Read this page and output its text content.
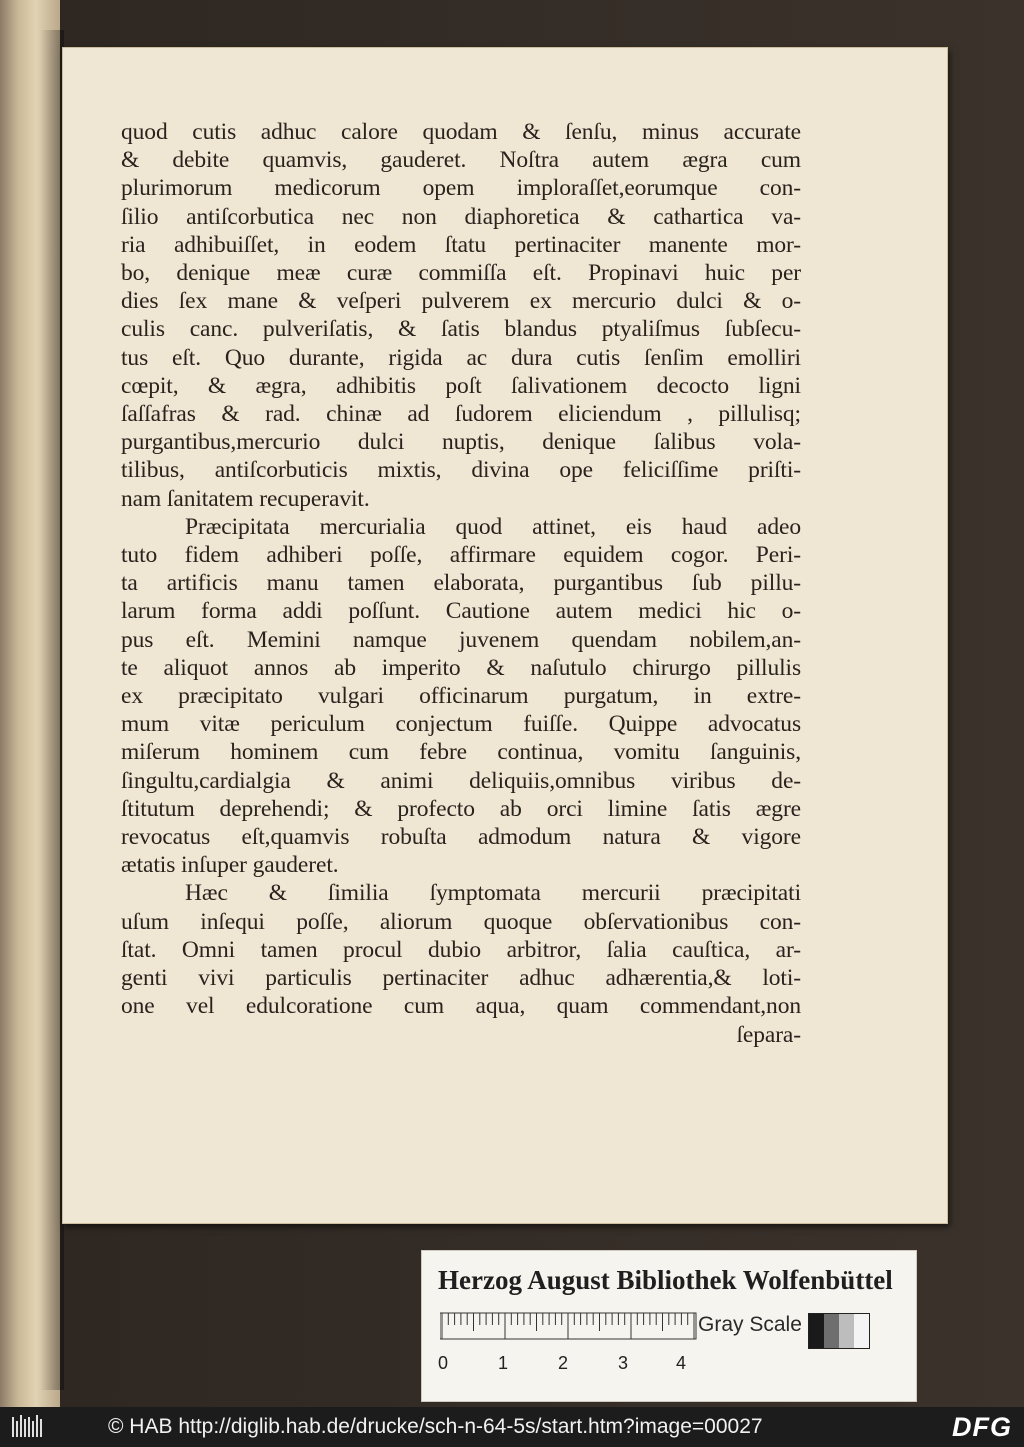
quod cutis adhuc calore quodam & ſenſu, minus accurate
& debite quamvis, gauderet. Noſtra autem ægra cum
plurimorum medicorum opem imploraſſet,eorumque con-
ſilio antiſcorbutica nec non diaphoretica & cathartica va-
ria adhibuiſſet, in eodem ſtatu pertinaciter manente mor-
bo, denique meæ curæ commiſſa eſt. Propinavi huic per
dies ſex mane & veſperi pulverem ex mercurio dulci & o-
culis canc. pulveriſatis, & ſatis blandus ptyaliſmus ſubſecu-
tus eſt. Quo durante, rigida ac dura cutis ſenſim emolliri
cœpit, & ægra, adhibitis poſt ſalivationem decocto ligni
ſaſſafras & rad. chinæ ad ſudorem eliciendum , pillulisq;
purgantibus,mercurio dulci nuptis, denique ſalibus vola-
tilibus, antiſcorbuticis mixtis, divina ope feliciſſime priſti-
nam ſanitatem recuperavit.
Præcipitata mercurialia quod attinet, eis haud adeo
tuto fidem adhiberi poſſe, affirmare equidem cogor. Peri-
ta artificis manu tamen elaborata, purgantibus ſub pillu-
larum forma addi poſſunt. Cautione autem medici hic o-
pus eſt. Memini namque juvenem quendam nobilem,an-
te aliquot annos ab imperito & naſutulo chirurgo pillulis
ex præcipitato vulgari officinarum purgatum, in extre-
mum vitæ periculum conjectum fuiſſe. Quippe advocatus
miſerum hominem cum febre continua, vomitu ſanguinis,
ſingultu,cardialgia & animi deliquiis,omnibus viribus de-
ſtitutum deprehendi; & profecto ab orci limine ſatis ægre
revocatus eſt,quamvis robuſta admodum natura & vigore
ætatis inſuper gauderet.
Hæc & ſimilia ſymptomata mercurii præcipitati
uſum inſequi poſſe, aliorum quoque obſervationibus con-
ſtat. Omni tamen procul dubio arbitror, ſalia cauſtica, ar-
genti vivi particulis pertinaciter adhuc adhærentia,& loti-
one vel edulcoratione cum aqua, quam commendant,non
ſepara-
Herzog August Bibliothek Wolfenbüttel
0	1	2	3	4
Gray Scale
© HAB http://diglib.hab.de/drucke/sch-n-64-5s/start.htm?image=00027	DFG
